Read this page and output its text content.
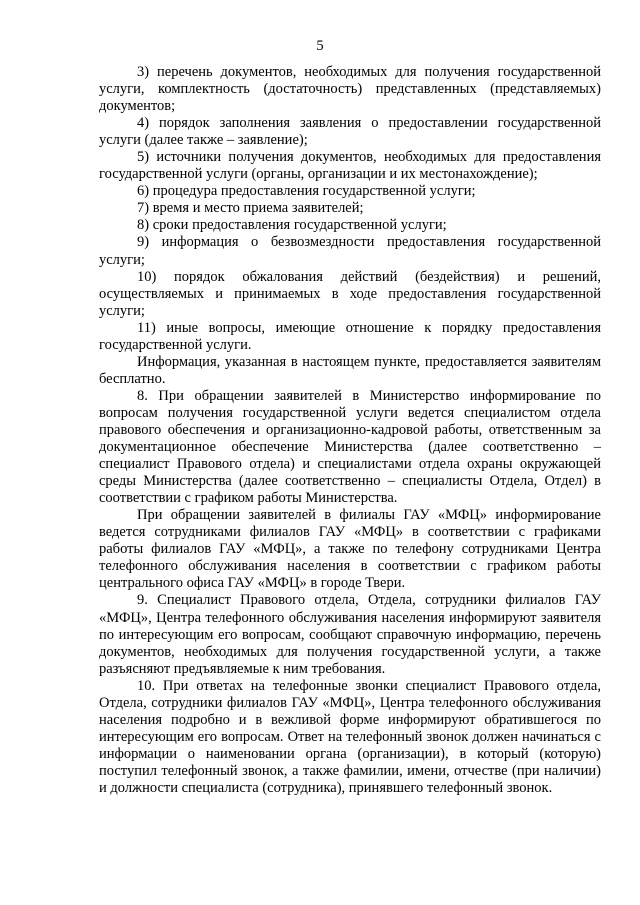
5

3) перечень документов, необходимых для получения государственной услуги, комплектность (достаточность) представленных (представляемых) документов;

4) порядок заполнения заявления о предоставлении государственной услуги (далее также – заявление);

5) источники получения документов, необходимых для предоставления государственной услуги (органы, организации и их местонахождение);

6) процедура предоставления государственной услуги;

7) время и место приема заявителей;

8) сроки предоставления государственной услуги;

9) информация о безвозмездности предоставления государственной услуги;

10) порядок обжалования действий (бездействия) и решений, осуществляемых и принимаемых в ходе предоставления государственной услуги;

11) иные вопросы, имеющие отношение к порядку предоставления государственной услуги.

Информация, указанная в настоящем пункте, предоставляется заявителям бесплатно.

8. При обращении заявителей в Министерство информирование по вопросам получения государственной услуги ведется специалистом отдела правового обеспечения и организационно-кадровой работы, ответственным за документационное обеспечение Министерства (далее соответственно – специалист Правового отдела) и специалистами отдела охраны окружающей среды Министерства (далее соответственно – специалисты Отдела, Отдел) в соответствии с графиком работы Министерства.

При обращении заявителей в филиалы ГАУ «МФЦ» информирование ведется сотрудниками филиалов ГАУ «МФЦ» в соответствии с графиками работы филиалов ГАУ «МФЦ», а также по телефону сотрудниками Центра телефонного обслуживания населения в соответствии с графиком работы центрального офиса ГАУ «МФЦ» в городе Твери.

9. Специалист Правового отдела, Отдела, сотрудники филиалов ГАУ «МФЦ», Центра телефонного обслуживания населения информируют заявителя по интересующим его вопросам, сообщают справочную информацию, перечень документов, необходимых для получения государственной услуги, а также разъясняют предъявляемые к ним требования.

10. При ответах на телефонные звонки специалист Правового отдела, Отдела, сотрудники филиалов ГАУ «МФЦ», Центра телефонного обслуживания населения подробно и в вежливой форме информируют обратившегося по интересующим его вопросам. Ответ на телефонный звонок должен начинаться с информации о наименовании органа (организации), в который (которую) поступил телефонный звонок, а также фамилии, имени, отчестве (при наличии) и должности специалиста (сотрудника), принявшего телефонный звонок.
